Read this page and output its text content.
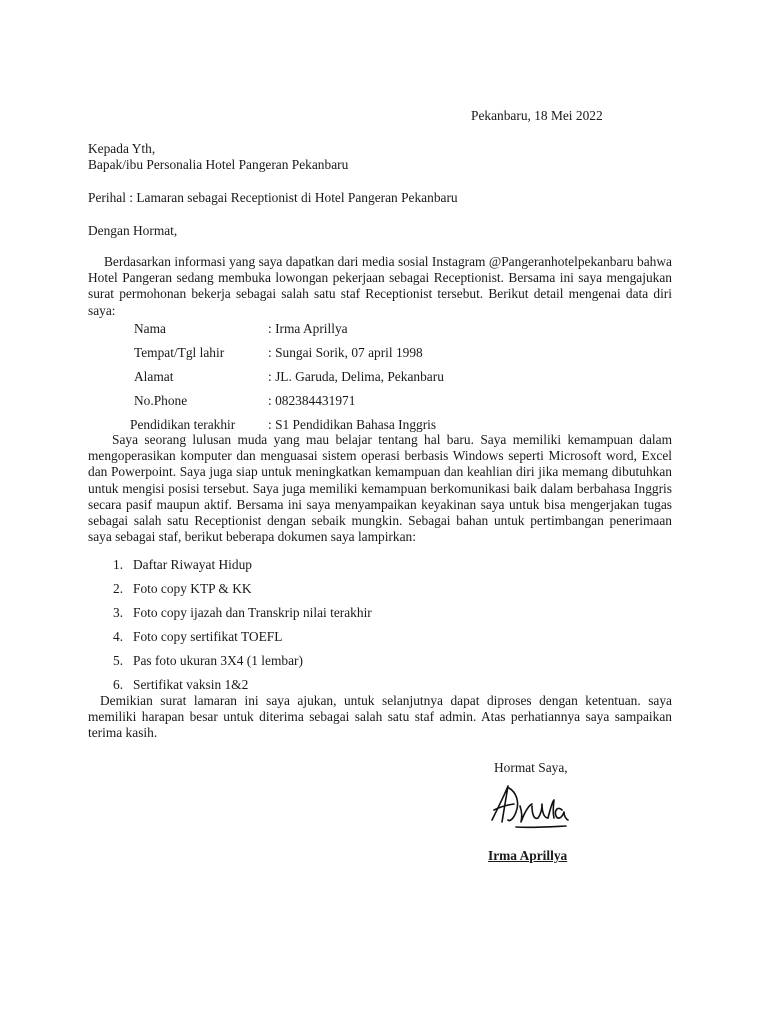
Pekanbaru, 18 Mei 2022
Kepada Yth,
Bapak/ibu Personalia Hotel Pangeran Pekanbaru
Perihal : Lamaran sebagai Receptionist di Hotel Pangeran Pekanbaru
Dengan Hormat,
Berdasarkan informasi yang saya dapatkan dari media sosial Instagram @Pangeranhotelpekanbaru bahwa Hotel Pangeran sedang membuka lowongan pekerjaan sebagai Receptionist. Bersama ini saya mengajukan surat permohonan bekerja sebagai salah satu staf Receptionist tersebut. Berikut detail mengenai data diri saya:
Nama	: Irma Aprillya
Tempat/Tgl lahir	: Sungai Sorik, 07 april 1998
Alamat	: JL. Garuda, Delima, Pekanbaru
No.Phone	: 082384431971
Pendidikan terakhir : S1 Pendidikan Bahasa Inggris
Saya seorang lulusan muda yang mau belajar tentang hal baru. Saya memiliki kemampuan dalam mengoperasikan komputer dan menguasai sistem operasi berbasis Windows seperti Microsoft word, Excel dan Powerpoint. Saya juga siap untuk meningkatkan kemampuan dan keahlian diri jika memang dibutuhkan untuk mengisi posisi tersebut. Saya juga memiliki kemampuan berkomunikasi baik dalam berbahasa Inggris secara pasif maupun aktif. Bersama ini saya menyampaikan keyakinan saya untuk bisa mengerjakan tugas sebagai salah satu Receptionist dengan sebaik mungkin. Sebagai bahan untuk pertimbangan penerimaan saya sebagai staf, berikut beberapa dokumen saya lampirkan:
1. Daftar Riwayat Hidup
2. Foto copy KTP & KK
3. Foto copy ijazah dan Transkrip nilai terakhir
4. Foto copy sertifikat TOEFL
5. Pas foto ukuran 3X4 (1 lembar)
6. Sertifikat vaksin 1&2
Demikian surat lamaran ini saya ajukan, untuk selanjutnya dapat diproses dengan ketentuan. saya memiliki harapan besar untuk diterima sebagai salah satu staf admin. Atas perhatiannya saya sampaikan terima kasih.
Hormat Saya,
Irma Aprillya
